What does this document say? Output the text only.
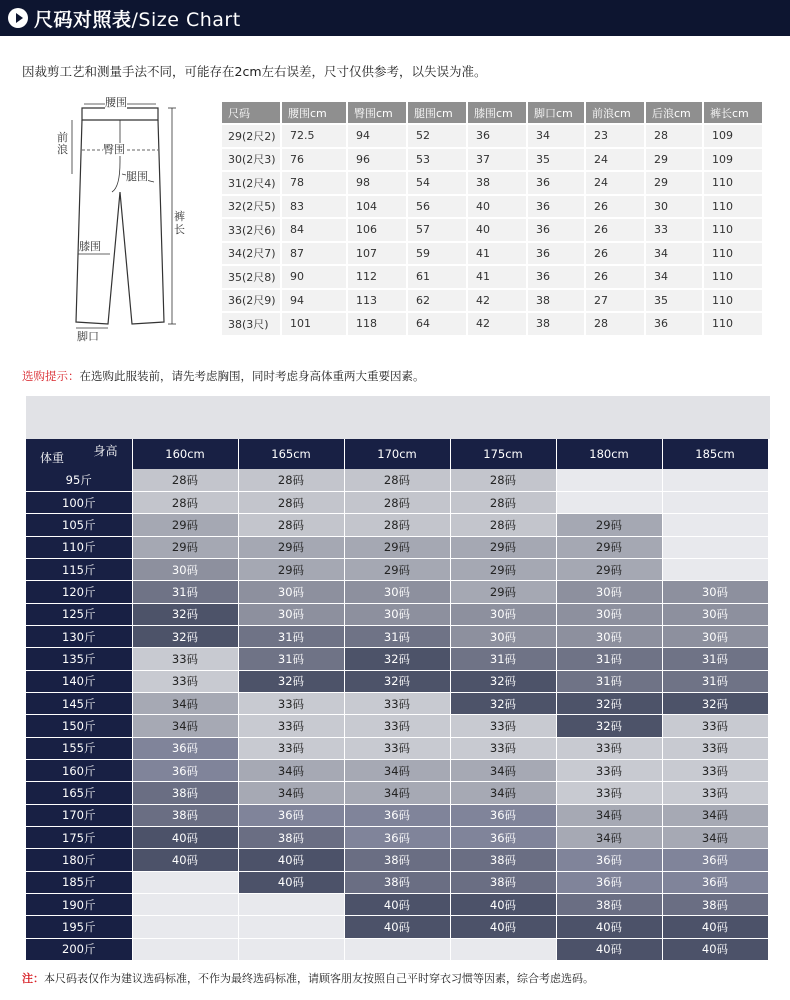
尺码对照表/Size Chart
因裁剪工艺和测量手法不同，可能存在2cm左右误差，尺寸仅供参考，以失误为准。
腰围
前浪	臀围
腿围
裤长
膝围
脚口
尺码	腰围cm	臀围cm	腿围cm	膝围cm	脚口cm	前浪cm	后浪cm	裤长cm
29(2尺2)	72.5	94	52	36	34	23	28	109
30(2尺3)	76	96	53	37	35	24	29	109
31(2尺4)	78	98	54	38	36	24	29	110
32(2尺5)	83	104	56	40	36	26	30	110
33(2尺6)	84	106	57	40	36	26	33	110
34(2尺7)	87	107	59	41	36	26	34	110
35(2尺8)	90	112	61	41	36	26	34	110
36(2尺9)	94	113	62	42	38	27	35	110
38(3尺)	101	118	64	42	38	28	36	110
选购提示：在选购此服装前，请先考虑胸围，同时考虑身高体重两大重要因素。
身高
体重	160cm	165cm	170cm	175cm	180cm	185cm
95斤	28码	28码	28码	28码		
100斤	28码	28码	28码	28码		
105斤	29码	28码	28码	28码	29码	
110斤	29码	29码	29码	29码	29码	
115斤	30码	29码	29码	29码	29码	
120斤	31码	30码	30码	29码	30码	30码
125斤	32码	30码	30码	30码	30码	30码
130斤	32码	31码	31码	30码	30码	30码
135斤	33码	31码	32码	31码	31码	31码
140斤	33码	32码	32码	32码	31码	31码
145斤	34码	33码	33码	32码	32码	32码
150斤	34码	33码	33码	33码	32码	33码
155斤	36码	33码	33码	33码	33码	33码
160斤	36码	34码	34码	34码	33码	33码
165斤	38码	34码	34码	34码	33码	33码
170斤	38码	36码	36码	36码	34码	34码
175斤	40码	38码	36码	36码	34码	34码
180斤	40码	40码	38码	38码	36码	36码
185斤		40码	38码	38码	36码	36码
190斤			40码	40码	38码	38码
195斤			40码	40码	40码	40码
200斤					40码	40码
注：本尺码表仅作为建议选码标准，不作为最终选码标准，请顾客朋友按照自己平时穿衣习惯等因素，综合考虑选码。
